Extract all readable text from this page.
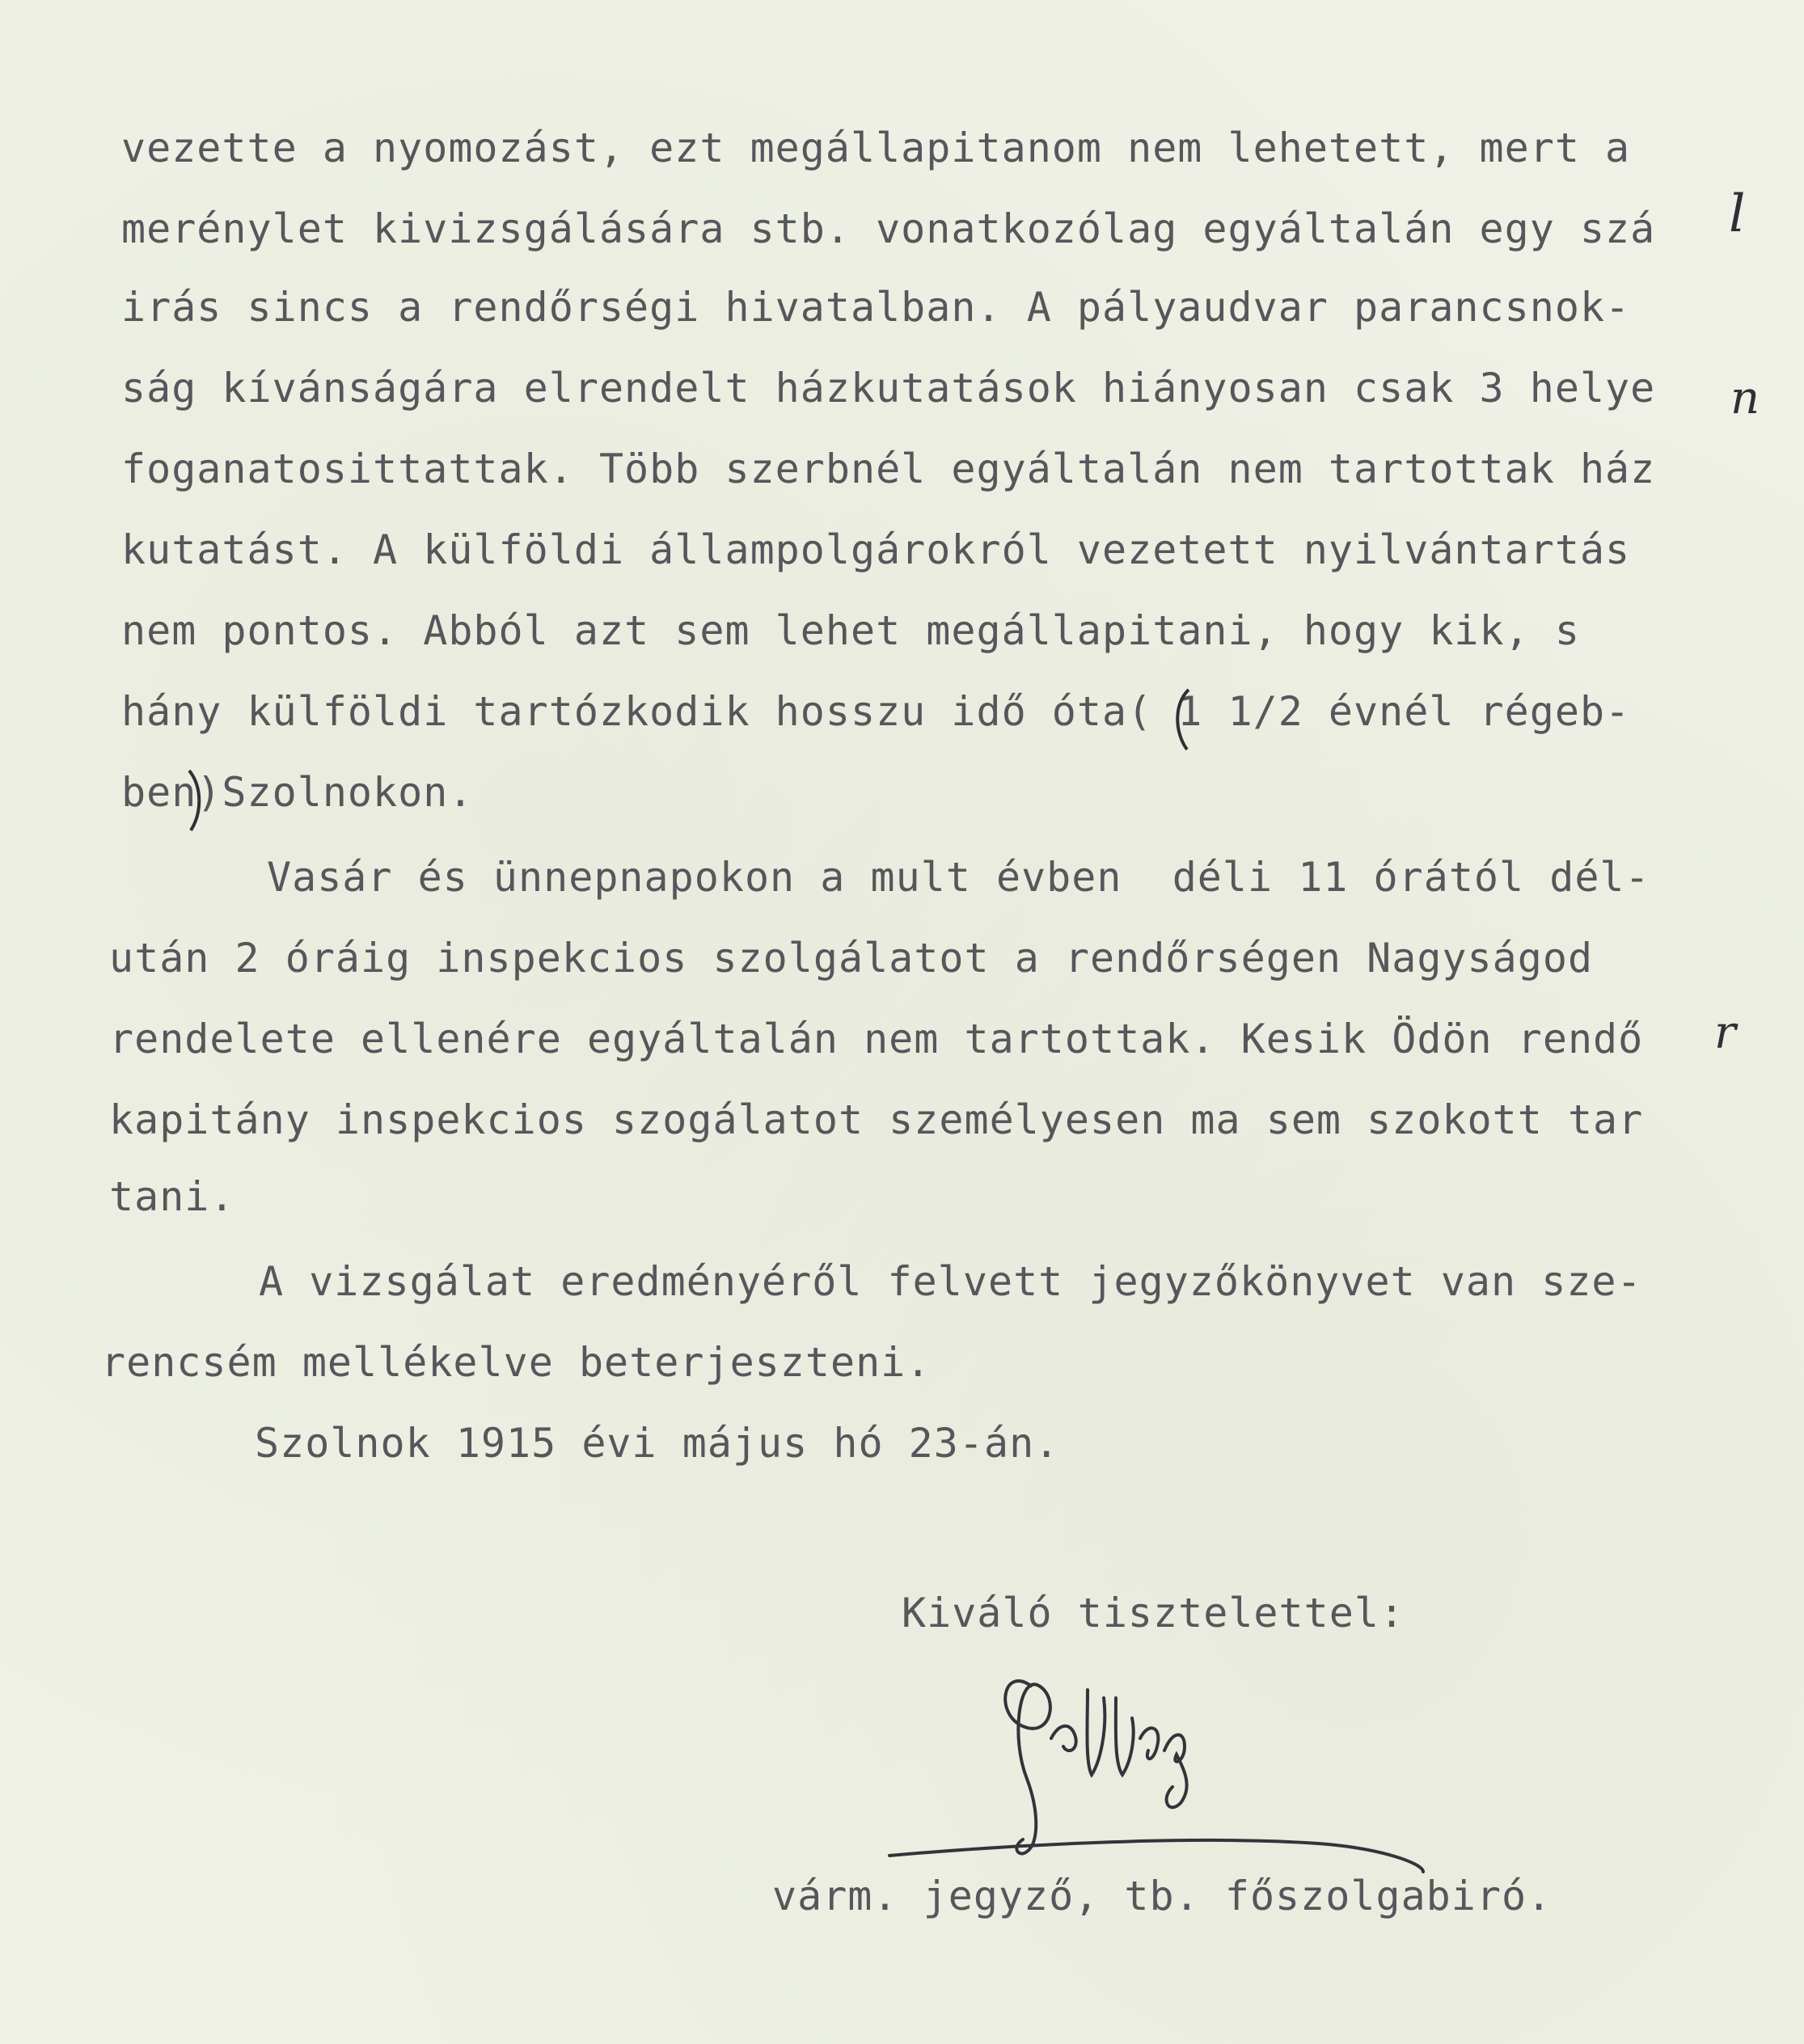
vezette a nyomozást, ezt megállapitanom nem lehetett, mert a
merénylet kivizsgálására stb. vonatkozólag egyáltalán egy szá
irás sincs a rendőrségi hivatalban. A pályaudvar parancsnok-
ság kívánságára elrendelt házkutatások hiányosan csak 3 helye
foganatosittattak. Több szerbnél egyáltalán nem tartottak ház
kutatást. A külföldi állampolgárokról vezetett nyilvántartás
nem pontos. Abból azt sem lehet megállapitani, hogy kik, s
hány külföldi tartózkodik hosszu idő óta( 1 1/2 évnél régeb-
ben)Szolnokon.
Vasár és ünnepnapokon a mult évben  déli 11 órától dél-
után 2 óráig inspekcios szolgálatot a rendőrségen Nagyságod
rendelete ellenére egyáltalán nem tartottak. Kesik Ödön rendő
kapitány inspekcios szogálatot személyesen ma sem szokott tar
tani.
A vizsgálat eredményéről felvett jegyzőkönyvet van sze-
rencsém mellékelve beterjeszteni.
Szolnok 1915 évi május hó 23-án.
l
n
r
Kiváló tisztelettel:
várm. jegyző, tb. főszolgabiró.
